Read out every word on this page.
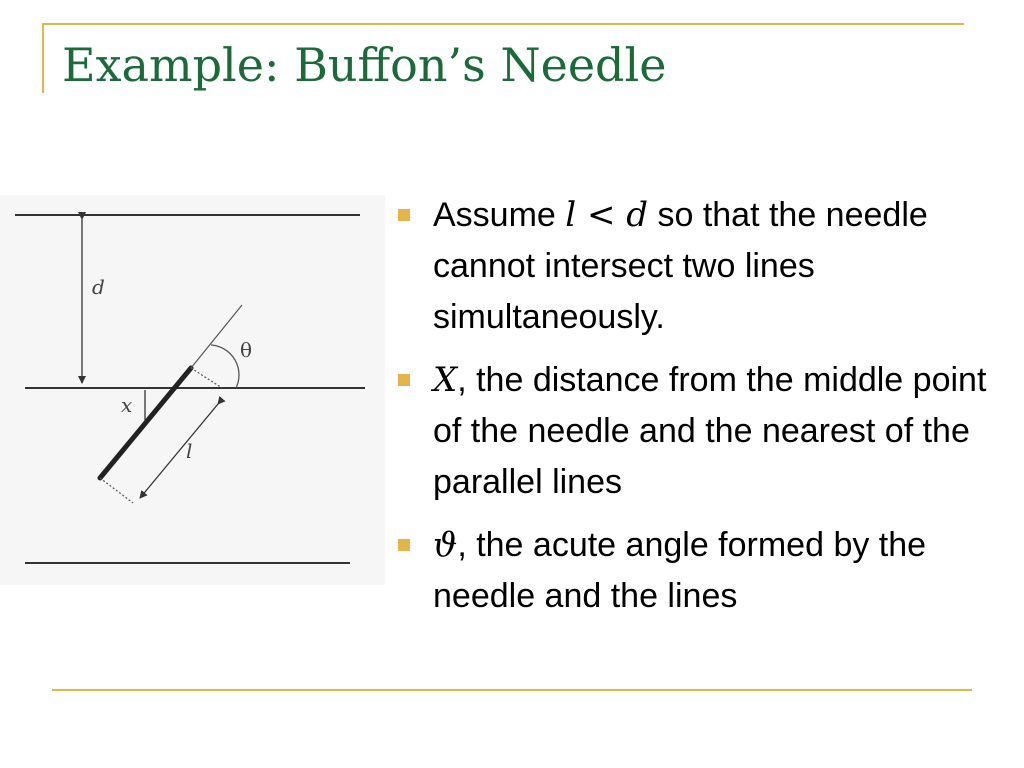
Example: Buffon’s Needle
d
θ
l
x
Assume l < d so that the needle cannot intersect two lines simultaneously.
X, the distance from the middle point of the needle and the nearest of the parallel lines
ϑ, the acute angle formed by the needle and the lines
